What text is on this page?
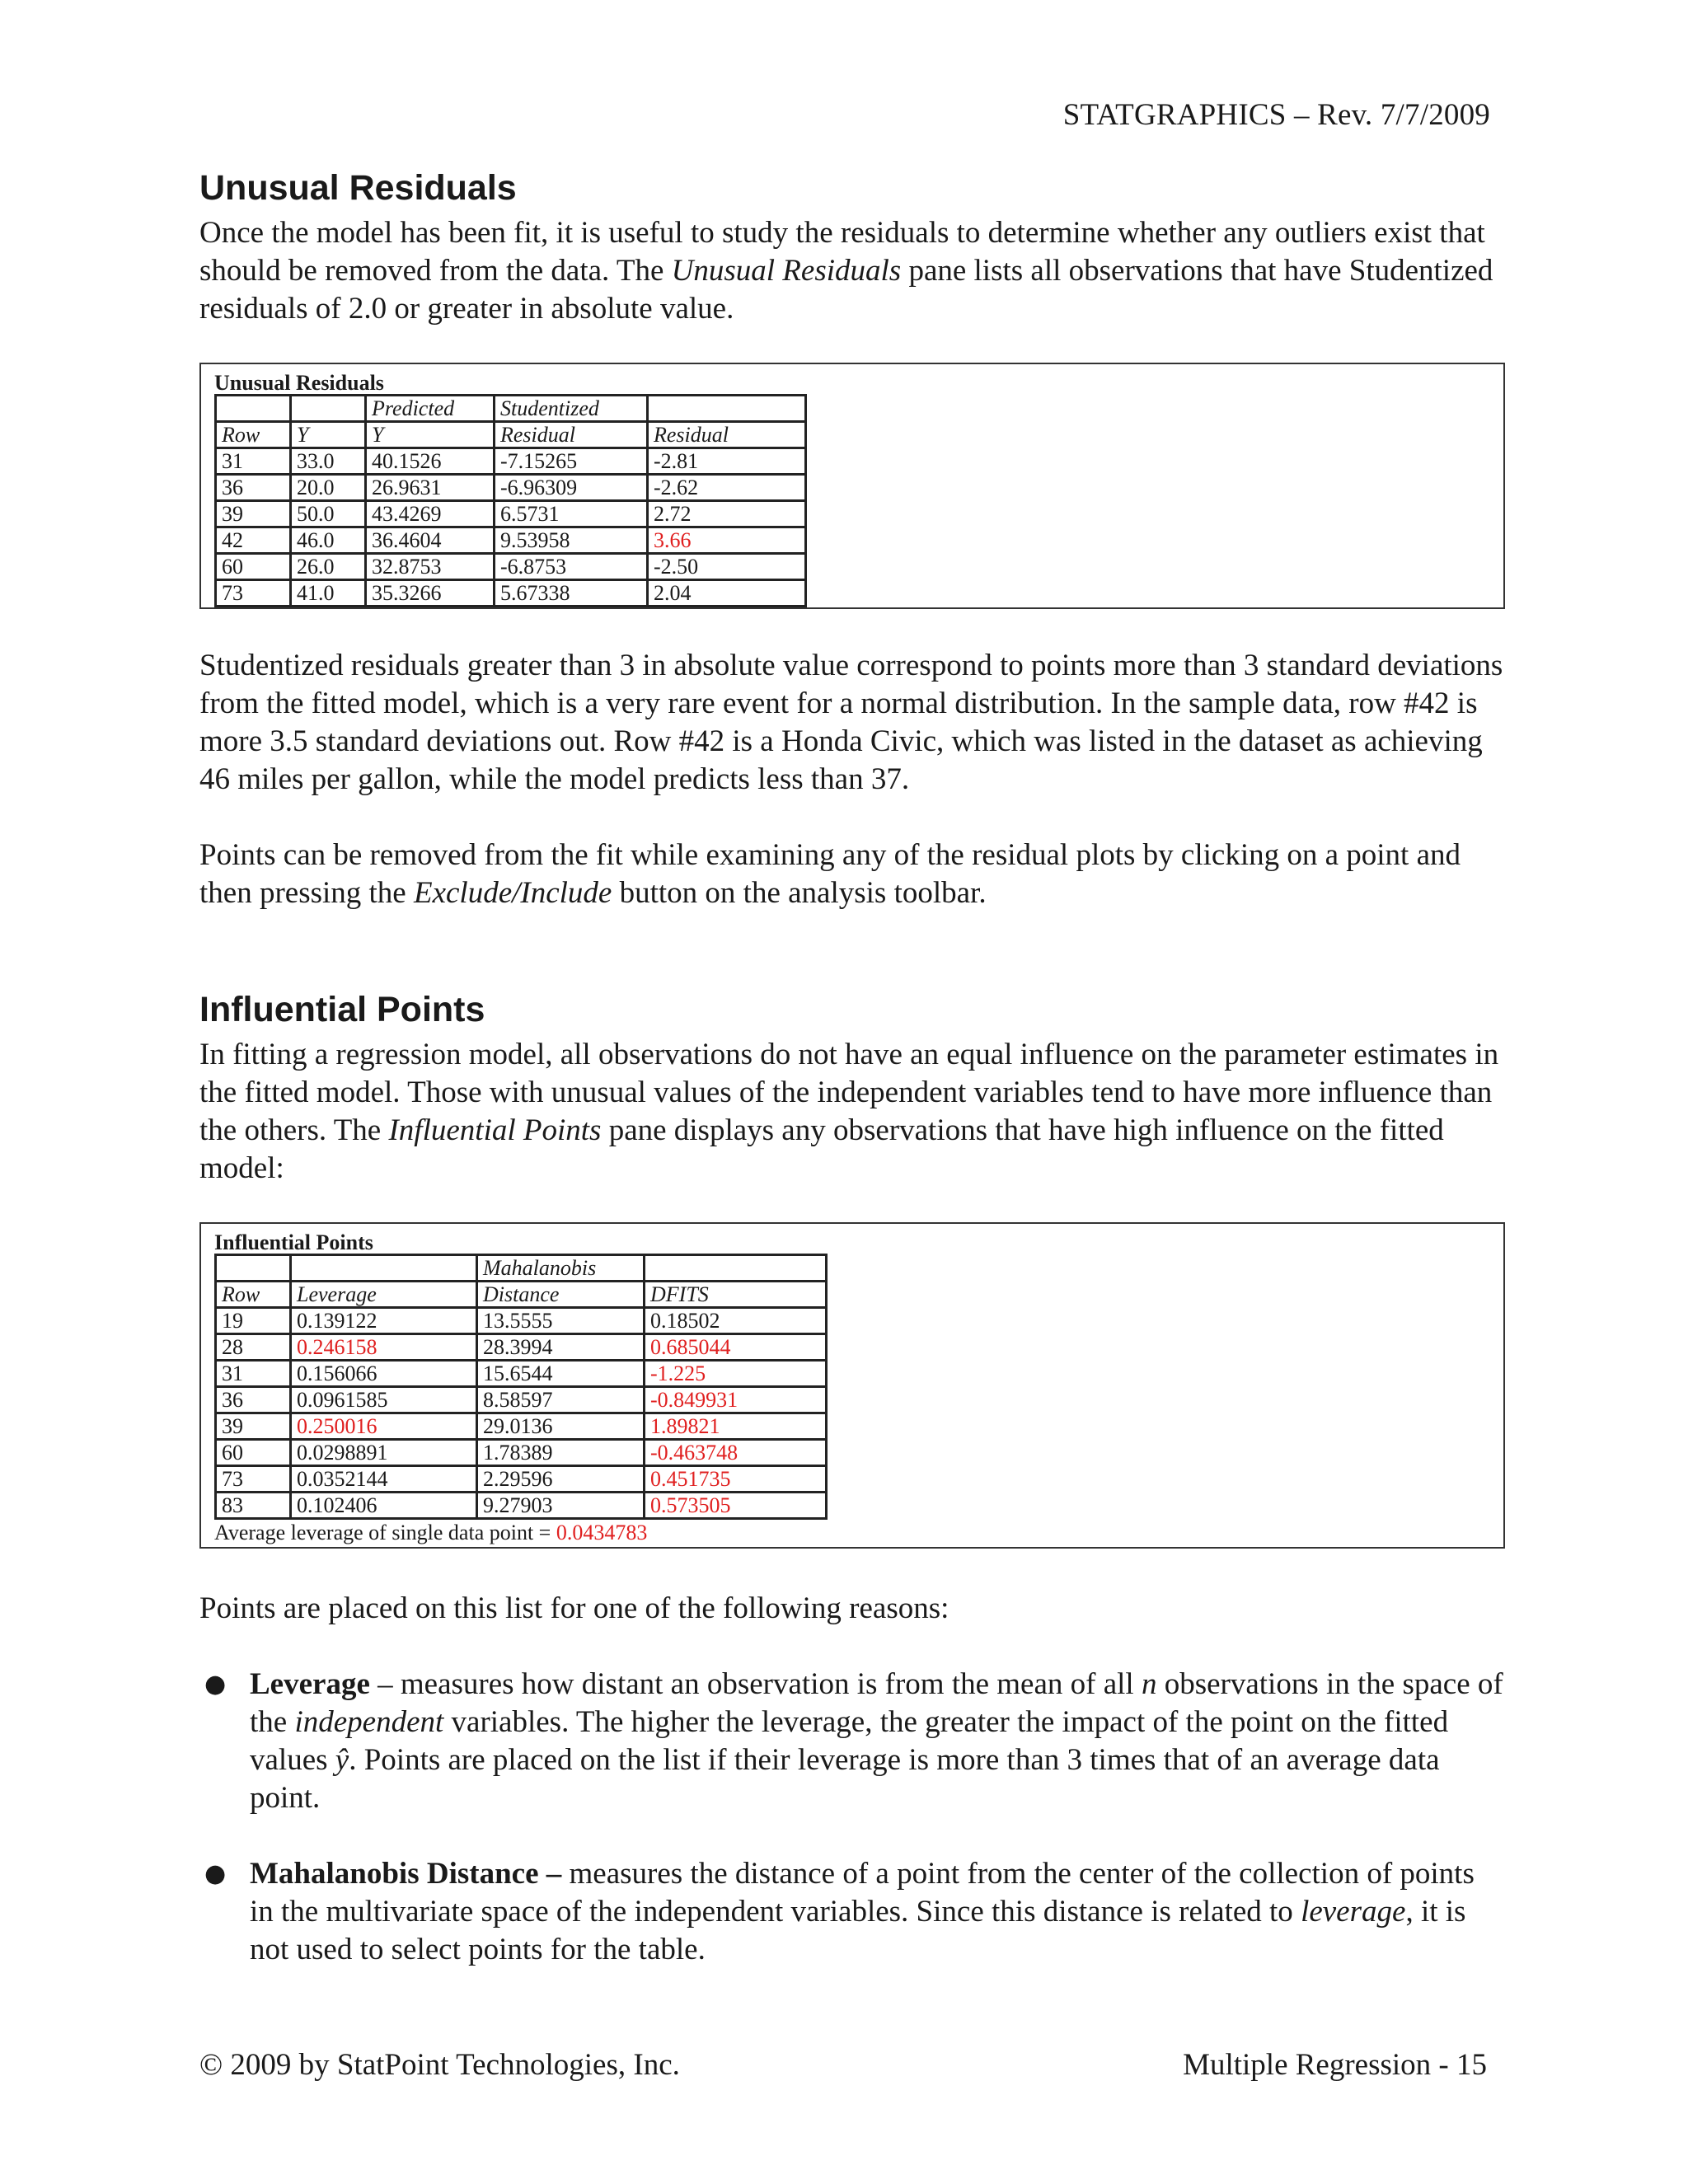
STATGRAPHICS – Rev. 7/7/2009
Unusual Residuals

Once the model has been fit, it is useful to study the residuals to determine whether any outliers exist that should be removed from the data. The Unusual Residuals pane lists all observations that have Studentized residuals of 2.0 or greater in absolute value.

Unusual Residuals
		Predicted	Studentized	
Row	Y	Y	Residual	Residual
31	33.0	40.1526	-7.15265	-2.81
36	20.0	26.9631	-6.96309	-2.62
39	50.0	43.4269	6.5731	2.72
42	46.0	36.4604	9.53958	3.66
60	26.0	32.8753	-6.8753	-2.50
73	41.0	35.3266	5.67338	2.04

Studentized residuals greater than 3 in absolute value correspond to points more than 3 standard deviations from the fitted model, which is a very rare event for a normal distribution. In the sample data, row #42 is more 3.5 standard deviations out. Row #42 is a Honda Civic, which was listed in the dataset as achieving 46 miles per gallon, while the model predicts less than 37.

Points can be removed from the fit while examining any of the residual plots by clicking on a point and then pressing the Exclude/Include button on the analysis toolbar.

Influential Points

In fitting a regression model, all observations do not have an equal influence on the parameter estimates in the fitted model. Those with unusual values of the independent variables tend to have more influence than the others. The Influential Points pane displays any observations that have high influence on the fitted model:

Influential Points
		Mahalanobis	
Row	Leverage	Distance	DFITS
19	0.139122	13.5555	0.18502
28	0.246158	28.3994	0.685044
31	0.156066	15.6544	-1.225
36	0.0961585	8.58597	-0.849931
39	0.250016	29.0136	1.89821
60	0.0298891	1.78389	-0.463748
73	0.0352144	2.29596	0.451735
83	0.102406	9.27903	0.573505
Average leverage of single data point = 0.0434783

Points are placed on this list for one of the following reasons:

● Leverage – measures how distant an observation is from the mean of all n observations in the space of the independent variables. The higher the leverage, the greater the impact of the point on the fitted values ŷ. Points are placed on the list if their leverage is more than 3 times that of an average data point.
● Mahalanobis Distance – measures the distance of a point from the center of the collection of points in the multivariate space of the independent variables. Since this distance is related to leverage, it is not used to select points for the table.
© 2009 by StatPoint Technologies, Inc.	Multiple Regression - 15
